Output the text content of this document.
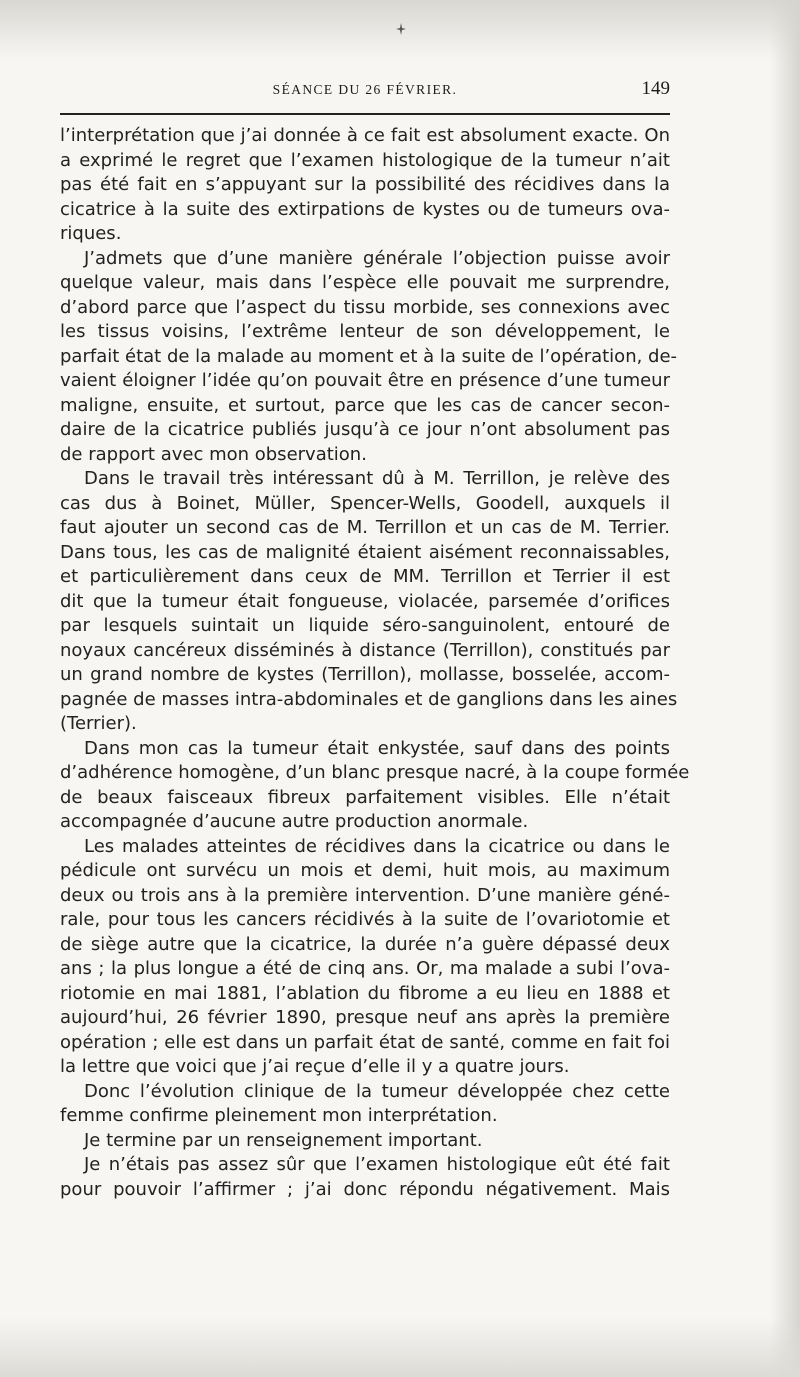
SÉANCE DU 26 FÉVRIER.	149

l’interprétation que j’ai donnée à ce fait est absolument exacte. On
a exprimé le regret que l’examen histologique de la tumeur n’ait
pas été fait en s’appuyant sur la possibilité des récidives dans la
cicatrice à la suite des extirpations de kystes ou de tumeurs ova-
riques.

J’admets que d’une manière générale l’objection puisse avoir
quelque valeur, mais dans l’espèce elle pouvait me surprendre,
d’abord parce que l’aspect du tissu morbide, ses connexions avec
les tissus voisins, l’extrême lenteur de son développement, le
parfait état de la malade au moment et à la suite de l’opération, de-
vaient éloigner l’idée qu’on pouvait être en présence d’une tumeur
maligne, ensuite, et surtout, parce que les cas de cancer secon-
daire de la cicatrice publiés jusqu’à ce jour n’ont absolument pas
de rapport avec mon observation.

Dans le travail très intéressant dû à M. Terrillon, je relève des
cas dus à Boinet, Müller, Spencer-Wells, Goodell, auxquels il
faut ajouter un second cas de M. Terrillon et un cas de M. Terrier.
Dans tous, les cas de malignité étaient aisément reconnaissables,
et particulièrement dans ceux de MM. Terrillon et Terrier il est
dit que la tumeur était fongueuse, violacée, parsemée d’orifices
par lesquels suintait un liquide séro-sanguinolent, entouré de
noyaux cancéreux disséminés à distance (Terrillon), constitués par
un grand nombre de kystes (Terrillon), mollasse, bosselée, accom-
pagnée de masses intra-abdominales et de ganglions dans les aines
(Terrier).

Dans mon cas la tumeur était enkystée, sauf dans des points
d’adhérence homogène, d’un blanc presque nacré, à la coupe formée
de beaux faisceaux fibreux parfaitement visibles. Elle n’était
accompagnée d’aucune autre production anormale.

Les malades atteintes de récidives dans la cicatrice ou dans le
pédicule ont survécu un mois et demi, huit mois, au maximum
deux ou trois ans à la première intervention. D’une manière géné-
rale, pour tous les cancers récidivés à la suite de l’ovariotomie et
de siège autre que la cicatrice, la durée n’a guère dépassé deux
ans ; la plus longue a été de cinq ans. Or, ma malade a subi l’ova-
riotomie en mai 1881, l’ablation du fibrome a eu lieu en 1888 et
aujourd’hui, 26 février 1890, presque neuf ans après la première
opération ; elle est dans un parfait état de santé, comme en fait foi
la lettre que voici que j’ai reçue d’elle il y a quatre jours.

Donc l’évolution clinique de la tumeur développée chez cette
femme confirme pleinement mon interprétation.

Je termine par un renseignement important.

Je n’étais pas assez sûr que l’examen histologique eût été fait
pour pouvoir l’affirmer ; j’ai donc répondu négativement. Mais
